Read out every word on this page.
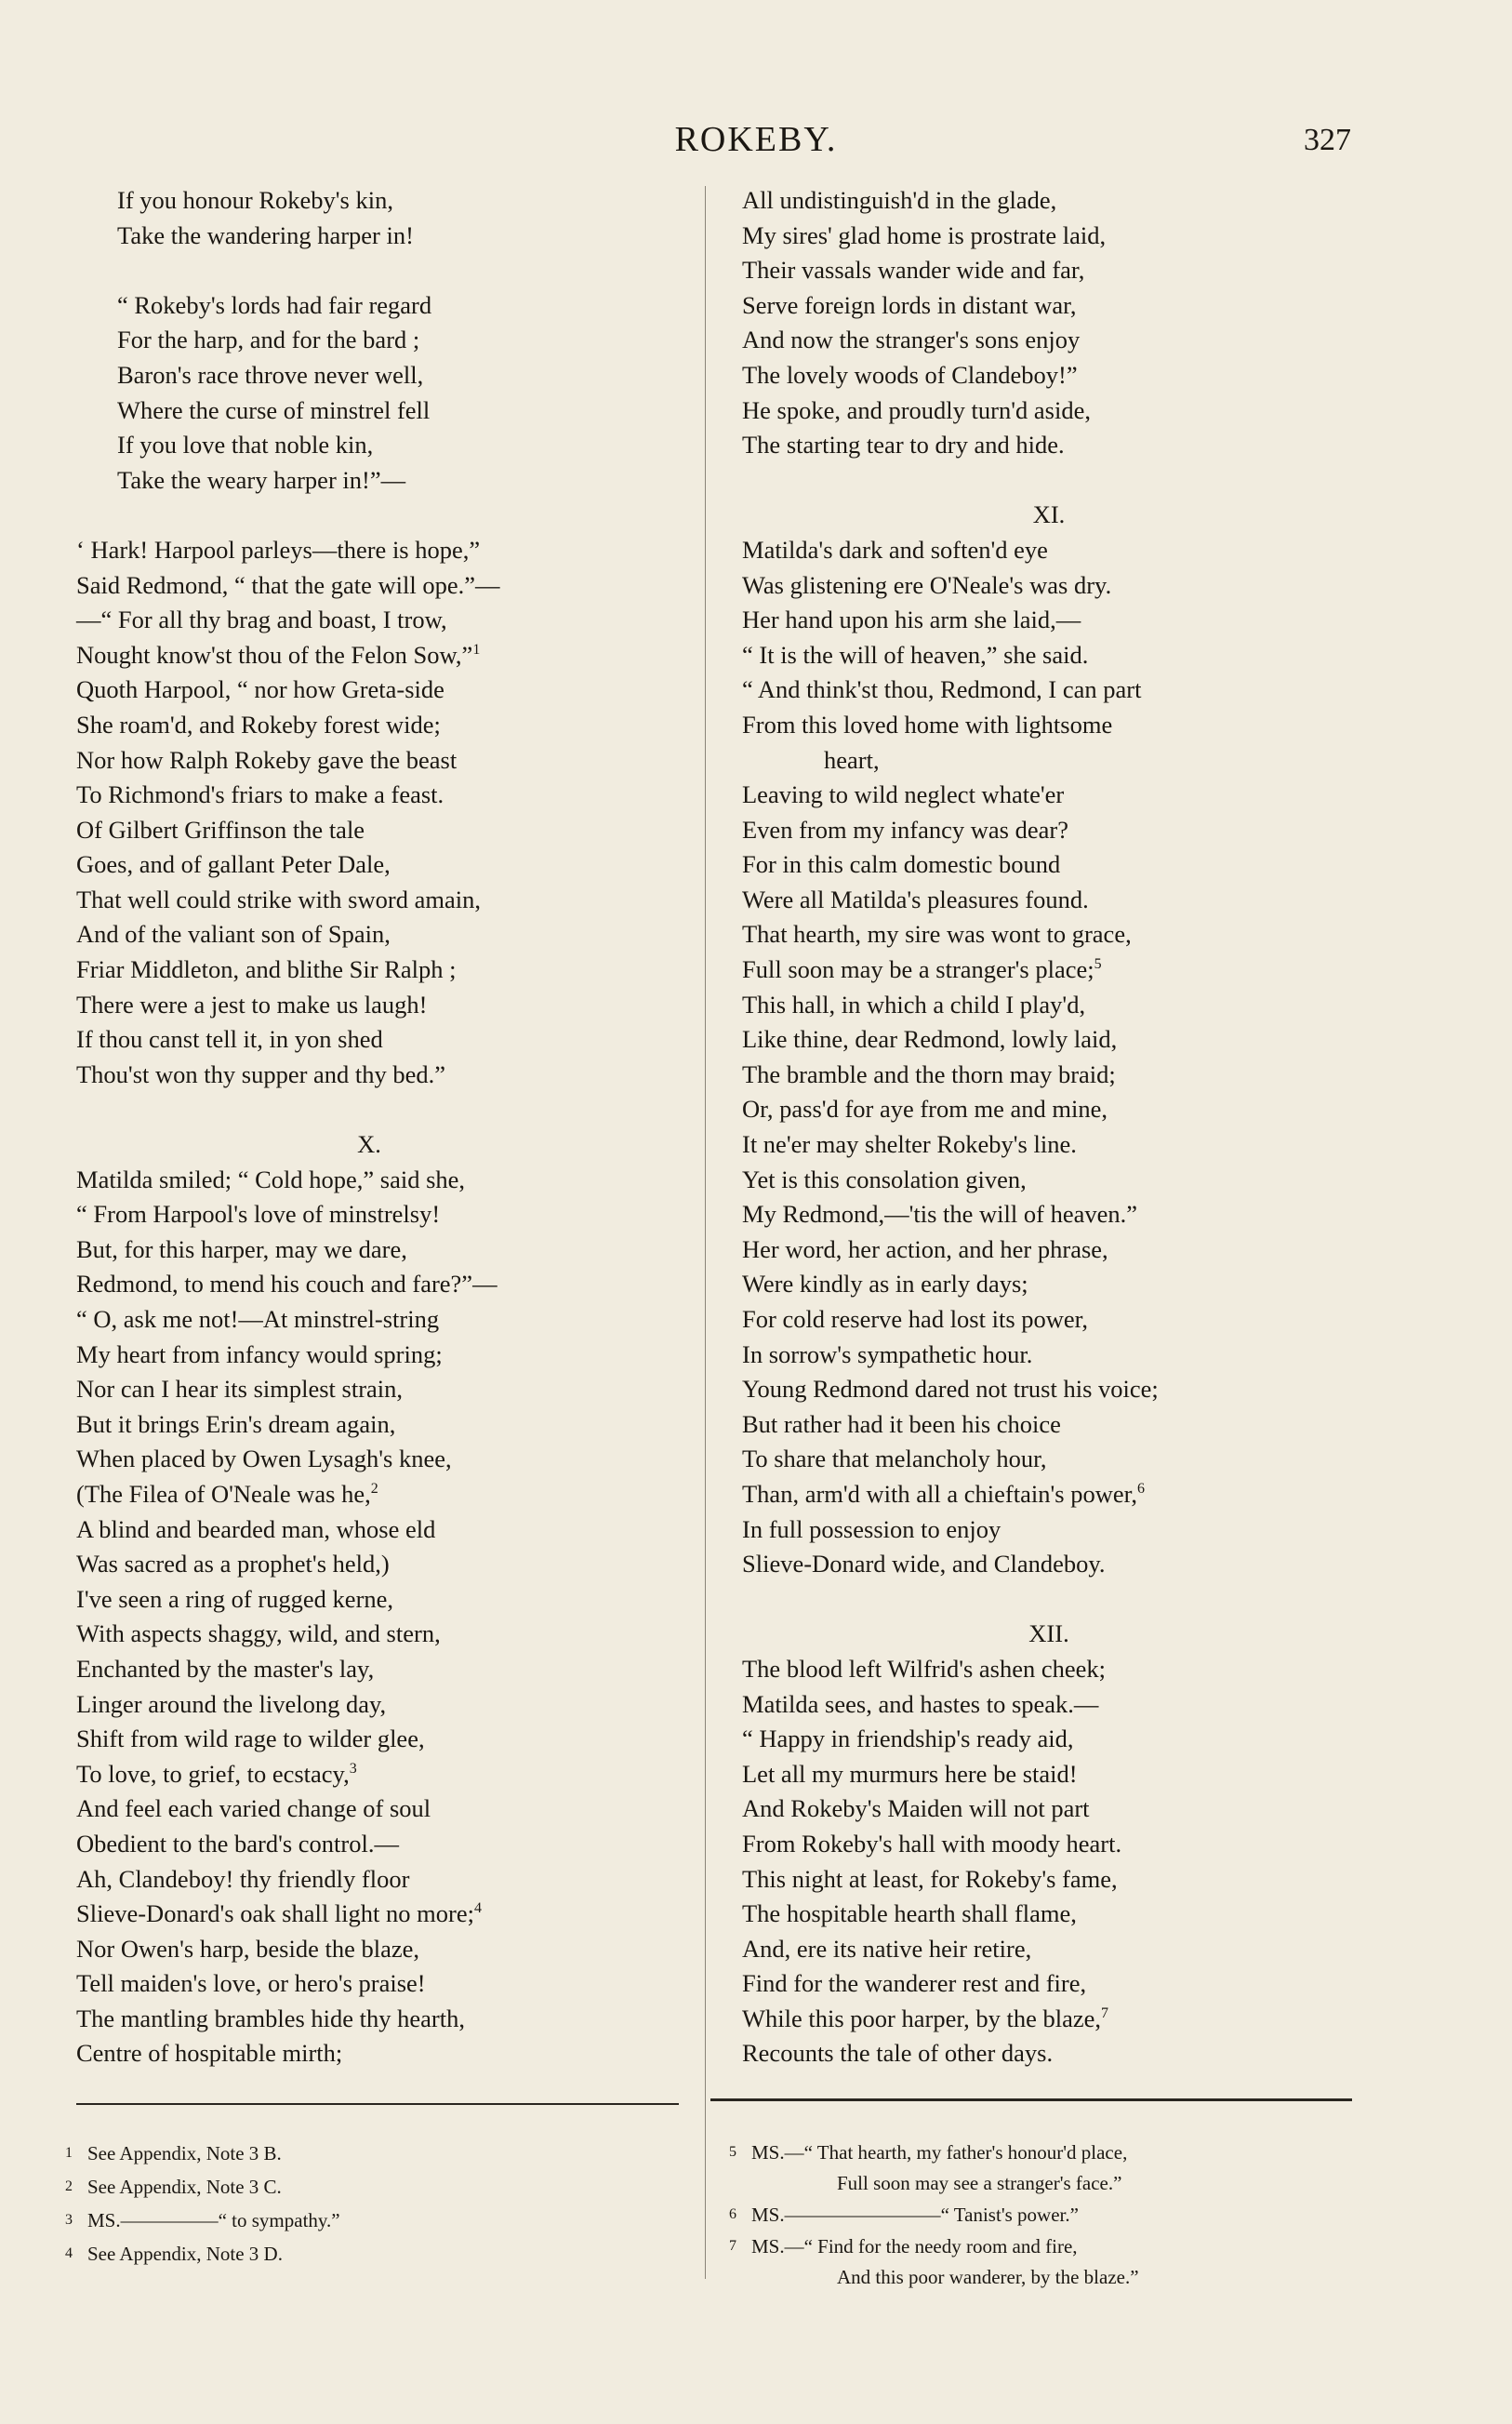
ROKEBY.	327
If you honour Rokeby's kin,
Take the wandering harper in!
“ Rokeby's lords had fair regard
For the harp, and for the bard ;
Baron's race throve never well,
Where the curse of minstrel fell
If you love that noble kin,
Take the weary harper in!”—
‘ Hark! Harpool parleys—there is hope,”
Said Redmond, “ that the gate will ope.”—
—“ For all thy brag and boast, I trow,
Nought know'st thou of the Felon Sow,”$^1$
Quoth Harpool, “ nor how Greta-side
She roam'd, and Rokeby forest wide;
Nor how Ralph Rokeby gave the beast
To Richmond's friars to make a feast.
Of Gilbert Griffinson the tale
Goes, and of gallant Peter Dale,
That well could strike with sword amain,
And of the valiant son of Spain,
Friar Middleton, and blithe Sir Ralph ;
There were a jest to make us laugh!
If thou canst tell it, in yon shed
Thou'st won thy supper and thy bed.”
X.
Matilda smiled; “ Cold hope,” said she,
“ From Harpool's love of minstrelsy!
But, for this harper, may we dare,
Redmond, to mend his couch and fare?”—
“ O, ask me not!—At minstrel-string
My heart from infancy would spring;
Nor can I hear its simplest strain,
But it brings Erin's dream again,
When placed by Owen Lysagh's knee,
(The Filea of O'Neale was he,$^2$
A blind and bearded man, whose eld
Was sacred as a prophet's held,)
I've seen a ring of rugged kerne,
With aspects shaggy, wild, and stern,
Enchanted by the master's lay,
Linger around the livelong day,
Shift from wild rage to wilder glee,
To love, to grief, to ecstacy,$^3$
And feel each varied change of soul
Obedient to the bard's control.—
Ah, Clandeboy! thy friendly floor
Slieve-Donard's oak shall light no more;$^4$
Nor Owen's harp, beside the blaze,
Tell maiden's love, or hero's praise!
The mantling brambles hide thy hearth,
Centre of hospitable mirth;
All undistinguish'd in the glade,
My sires' glad home is prostrate laid,
Their vassals wander wide and far,
Serve foreign lords in distant war,
And now the stranger's sons enjoy
The lovely woods of Clandeboy!”
He spoke, and proudly turn'd aside,
The starting tear to dry and hide.
XI.
Matilda's dark and soften'd eye
Was glistening ere O'Neale's was dry.
Her hand upon his arm she laid,—
“ It is the will of heaven,” she said.
“ And think'st thou, Redmond, I can part
From this loved home with lightsome
heart,
Leaving to wild neglect whate'er
Even from my infancy was dear?
For in this calm domestic bound
Were all Matilda's pleasures found.
That hearth, my sire was wont to grace,
Full soon may be a stranger's place;$^5$
This hall, in which a child I play'd,
Like thine, dear Redmond, lowly laid,
The bramble and the thorn may braid;
Or, pass'd for aye from me and mine,
It ne'er may shelter Rokeby's line.
Yet is this consolation given,
My Redmond,—'tis the will of heaven.”
Her word, her action, and her phrase,
Were kindly as in early days;
For cold reserve had lost its power,
In sorrow's sympathetic hour.
Young Redmond dared not trust his voice;
But rather had it been his choice
To share that melancholy hour,
Than, arm'd with all a chieftain's power,$^6$
In full possession to enjoy
Slieve-Donard wide, and Clandeboy.
XII.
The blood left Wilfrid's ashen cheek;
Matilda sees, and hastes to speak.—
“ Happy in friendship's ready aid,
Let all my murmurs here be staid!
And Rokeby's Maiden will not part
From Rokeby's hall with moody heart.
This night at least, for Rokeby's fame,
The hospitable hearth shall flame,
And, ere its native heir retire,
Find for the wanderer rest and fire,
While this poor harper, by the blaze,$^7$
Recounts the tale of other days.
1 See Appendix, Note 3 B.
2 See Appendix, Note 3 C.
3 MS.—————“ to sympathy.”
4 See Appendix, Note 3 D.
5 MS.—“ That hearth, my father's honour'd place,
Full soon may see a stranger's face.”
6 MS.————————“ Tanist's power.”
7 MS.—“ Find for the needy room and fire,
And this poor wanderer, by the blaze.”
